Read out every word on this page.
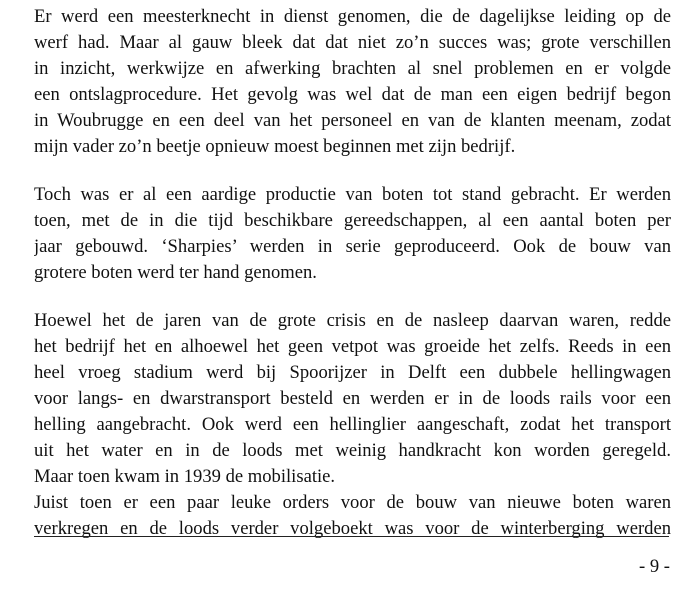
Er werd een meesterknecht in dienst genomen, die de dagelijkse leiding op de
werf had. Maar al gauw bleek dat dat niet zo’n succes was; grote verschillen
in inzicht, werkwijze en afwerking brachten al snel problemen en er volgde
een ontslagprocedure. Het gevolg was wel dat de man een eigen bedrijf begon
in Woubrugge en een deel van het personeel en van de klanten meenam, zodat
mijn vader zo’n beetje opnieuw moest beginnen met zijn bedrijf.

Toch was er al een aardige productie van boten tot stand gebracht. Er werden
toen, met de in die tijd beschikbare gereedschappen, al een aantal boten per
jaar gebouwd. ‘Sharpies’ werden in serie geproduceerd. Ook de bouw van
grotere boten werd ter hand genomen.

Hoewel het de jaren van de grote crisis en de nasleep daarvan waren, redde
het bedrijf het en alhoewel het geen vetpot was groeide het zelfs. Reeds in een
heel vroeg stadium werd bij Spoorijzer in Delft een dubbele hellingwagen
voor langs- en dwarstransport besteld en werden er in de loods rails voor een
helling aangebracht. Ook werd een hellinglier aangeschaft, zodat het transport
uit het water en in de loods met weinig handkracht kon worden geregeld.
Maar toen kwam in 1939 de mobilisatie.

Juist toen er een paar leuke orders voor de bouw van nieuwe boten waren
verkregen en de loods verder volgeboekt was voor de winterberging werden

- 9 -
